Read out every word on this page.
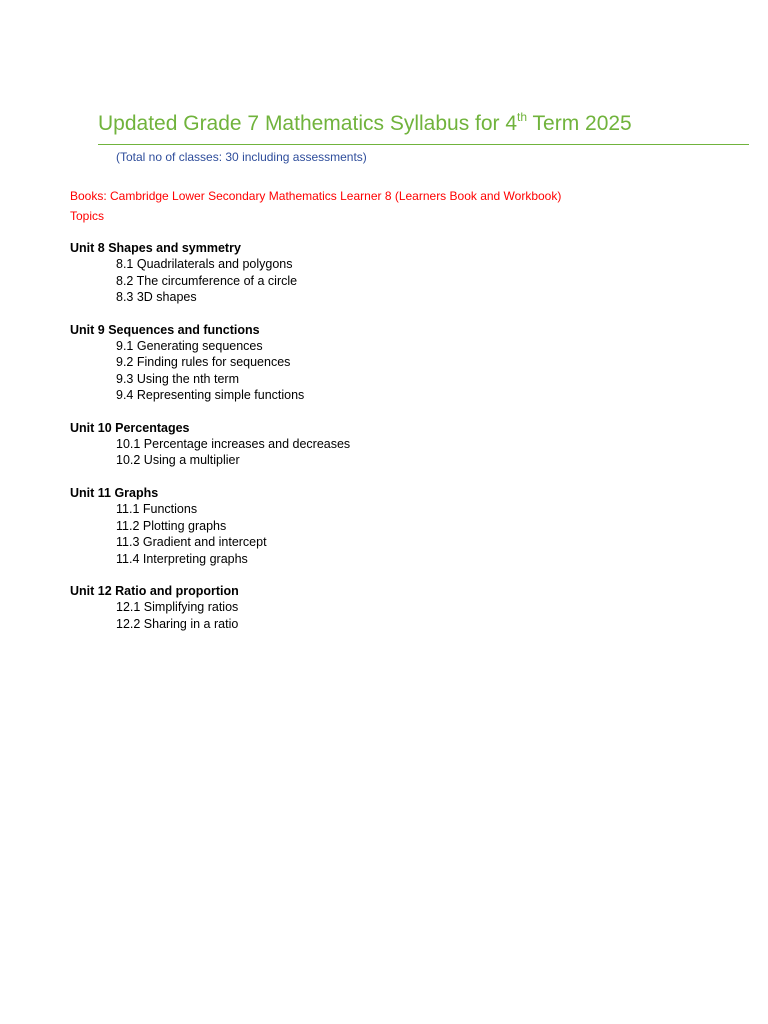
Updated Grade 7 Mathematics Syllabus for 4th Term 2025
(Total no of classes: 30 including assessments)
Books: Cambridge Lower Secondary Mathematics Learner 8 (Learners Book and Workbook)
Topics
Unit 8 Shapes and symmetry
8.1 Quadrilaterals and polygons
8.2 The circumference of a circle
8.3 3D shapes
Unit 9 Sequences and functions
9.1 Generating sequences
9.2 Finding rules for sequences
9.3 Using the nth term
9.4 Representing simple functions
Unit 10 Percentages
10.1 Percentage increases and decreases
10.2 Using a multiplier
Unit 11 Graphs
11.1 Functions
11.2 Plotting graphs
11.3 Gradient and intercept
11.4 Interpreting graphs
Unit 12 Ratio and proportion
12.1 Simplifying ratios
12.2 Sharing in a ratio
